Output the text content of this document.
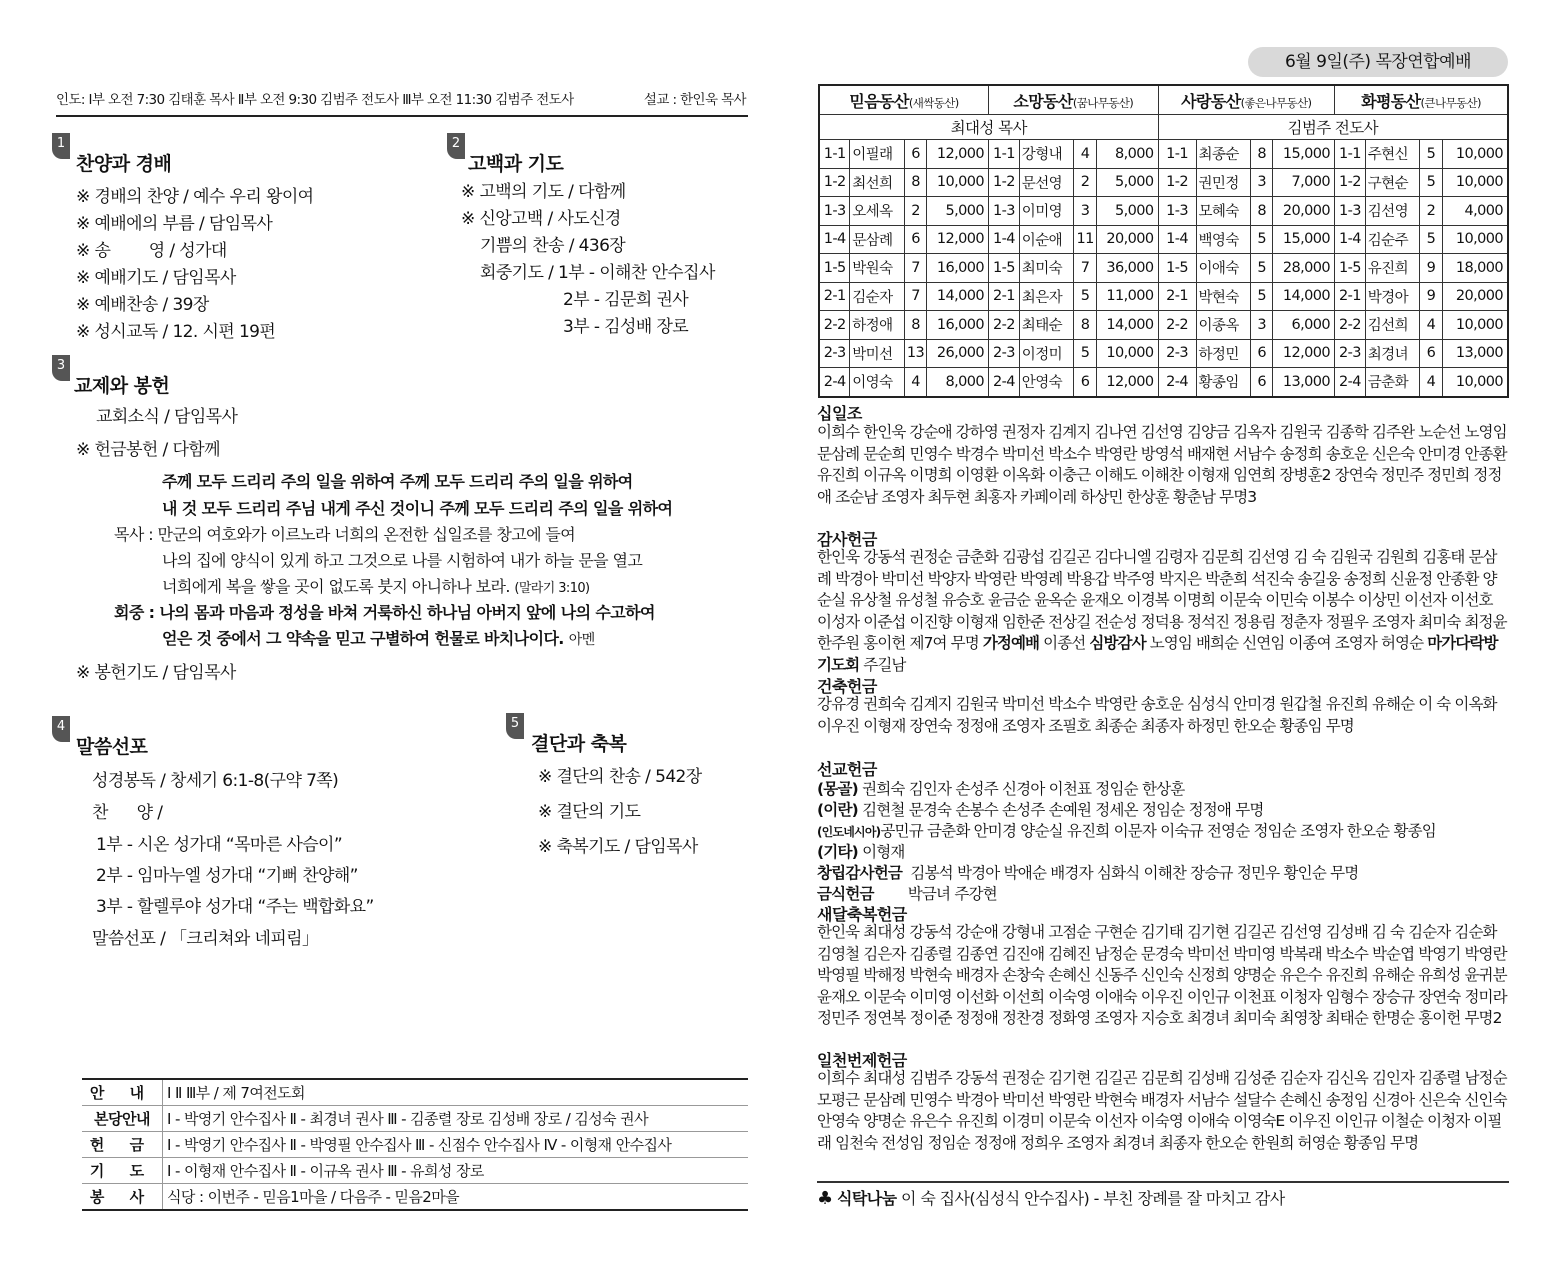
인도: Ⅰ부 오전 7:30 김태훈 목사 Ⅱ부 오전 9:30 김범주 전도사 Ⅲ부 오전 11:30 김범주 전도사	설교 : 한인욱 목사
1
찬양과 경배
※ 경배의 찬양 / 예수 우리 왕이여
※ 예배에의 부름 / 담임목사
※ 송        영 / 성가대
※ 예배기도 / 담임목사
※ 예배찬송 / 39장
※ 성시교독 / 12. 시편 19편
2
고백과 기도
※ 고백의 기도 / 다함께
※ 신앙고백 / 사도신경
기쁨의 찬송 / 436장
회중기도 / 1부 - 이해찬 안수집사
2부 - 김문희 권사
3부 - 김성배 장로
3
교제와 봉헌
교회소식 / 담임목사
※ 헌금봉헌 / 다함께
주께 모두 드리리 주의 일을 위하여 주께 모두 드리리 주의 일을 위하여
내 것 모두 드리리 주님 내게 주신 것이니 주께 모두 드리리 주의 일을 위하여
목사 : 만군의 여호와가 이르노라 너희의 온전한 십일조를 창고에 들여
나의 집에 양식이 있게 하고 그것으로 나를 시험하여 내가 하늘 문을 열고
너희에게 복을 쌓을 곳이 없도록 붓지 아니하나 보라. (말라기 3:10)
회중 : 나의 몸과 마음과 정성을 바쳐 거룩하신 하나님 아버지 앞에 나의 수고하여
얻은 것 중에서 그 약속을 믿고 구별하여 헌물로 바치나이다. 아멘
※ 봉헌기도 / 담임목사
4
말씀선포
성경봉독 / 창세기 6:1-8(구약 7쪽)
찬      양 /
1부 - 시온 성가대 “목마른 사슴이”
2부 - 임마누엘 성가대 “기뻐 찬양해”
3부 - 할렐루야 성가대 “주는 백합화요”
말씀선포 / 「크리쳐와 네피림」
5
결단과 축복
※ 결단의 찬송 / 542장
※ 결단의 기도
※ 축복기도 / 담임목사
안 내	Ⅰ Ⅱ Ⅲ부 / 제 7여전도회
본당안내	Ⅰ - 박영기 안수집사 Ⅱ - 최경녀 권사 Ⅲ - 김종렬 장로 김성배 장로 / 김성숙 권사
헌 금	Ⅰ - 박영기 안수집사 Ⅱ - 박영필 안수집사 Ⅲ - 신점수 안수집사 Ⅳ - 이형재 안수집사
기 도	Ⅰ - 이형재 안수집사 Ⅱ - 이규옥 권사 Ⅲ - 유희성 장로
봉 사	식당 : 이번주 - 믿음1마을 / 다음주 - 믿음2마을
6월 9일(주) 목장연합예배
믿음동산(새싹동산)				소망동산(꿈나무동산)				사랑동산(좋은나무동산)				화평동산(큰나무동산)			
최대성 목사								김범주 전도사							
1-1	이필래	6	12,000	1-1	강형내	4	8,000	1-1	최종순	8	15,000	1-1	주현신	5	10,000
1-2	최선희	8	10,000	1-2	문선영	2	5,000	1-2	권민정	3	7,000	1-2	구현순	5	10,000
1-3	오세옥	2	5,000	1-3	이미영	3	5,000	1-3	모혜숙	8	20,000	1-3	김선영	2	4,000
1-4	문삼례	6	12,000	1-4	이순애	11	20,000	1-4	백영숙	5	15,000	1-4	김순주	5	10,000
1-5	박원숙	7	16,000	1-5	최미숙	7	36,000	1-5	이애숙	5	28,000	1-5	유진희	9	18,000
2-1	김순자	7	14,000	2-1	최은자	5	11,000	2-1	박현숙	5	14,000	2-1	박경아	9	20,000
2-2	하정애	8	16,000	2-2	최태순	8	14,000	2-2	이종옥	3	6,000	2-2	김선희	4	10,000
2-3	박미선	13	26,000	2-3	이정미	5	10,000	2-3	하정민	6	12,000	2-3	최경녀	6	13,000
2-4	이영숙	4	8,000	2-4	안영숙	6	12,000	2-4	황종임	6	13,000	2-4	금춘화	4	10,000
십일조
이희수 한인욱 강순애 강하영 권정자 김계지 김나연 김선영 김양금 김옥자 김원국 김종학 김주완 노순선 노영임 문삼례 문순희 민영수 박경수 박미선 박소수 박영란 방영석 배재현 서남수 송정희 송호운 신은숙 안미경 안종환 유진희 이규옥 이명희 이영환 이옥화 이충근 이해도 이해찬 이형재 임연희 장병훈2 장연숙 정민주 정민희 정정애 조순남 조영자 최두현 최홍자 카페이레 하상민 한상훈 황춘남 무명3
감사헌금
한인욱 강동석 권정순 금춘화 김광섭 김길곤 김다니엘 김령자 김문희 김선영 김 숙 김원국 김원희 김홍태 문삼례 박경아 박미선 박양자 박영란 박영례 박용갑 박주영 박지은 박춘희 석진숙 송길웅 송정희 신윤정 안종환 양순실 유상철 유성철 유승호 윤금순 윤옥순 윤재오 이경복 이명희 이문숙 이민숙 이봉수 이상민 이선자 이선호 이성자 이준섭 이진향 이형재 임한준 전상길 전순성 정덕용 정석진 정용림 정춘자 정필우 조영자 최미숙 최정윤 한주원 홍이헌 제7여 무명 가정예배 이종선 심방감사 노영임 배희순 신연임 이종여 조영자 허영순 마가다락방기도회 주길남
건축헌금
강유경 권희숙 김계지 김원국 박미선 박소수 박영란 송호운 심성식 안미경 원갑철 유진희 유해순 이 숙 이옥화 이우진 이형재 장연숙 정정애 조영자 조필호 최종순 최종자 하정민 한오순 황종임 무명
선교헌금
(몽골) 권희숙 김인자 손성주 신경아 이천표 정임순 한상훈
(이란) 김현철 문경숙 손봉수 손성주 손예원 정세온 정임순 정정애 무명
(인도네시아)공민규 금춘화 안미경 양순실 유진희 이문자 이숙규 전영순 정임순 조영자 한오순 황종임
(기타) 이형재
창립감사헌금 김봉석 박경아 박애순 배경자 심화식 이해찬 장승규 정민우 황인순 무명
금식헌금 박금녀 주강현
새달축복헌금
한인욱 최대성 강동석 강순애 강형내 고점순 구현순 김기태 김기현 김길곤 김선영 김성배 김 숙 김순자 김순화 김영철 김은자 김종렬 김종연 김진애 김혜진 남정순 문경숙 박미선 박미영 박복래 박소수 박순엽 박영기 박영란 박영필 박해정 박현숙 배경자 손창숙 손혜신 신동주 신인숙 신정희 양명순 유은수 유진희 유해순 유희성 윤귀분 윤재오 이문숙 이미영 이선화 이선희 이숙영 이애숙 이우진 이인규 이천표 이청자 임형수 장승규 장연숙 정미라 정민주 정연복 정이준 정정애 정찬경 정화영 조영자 지승호 최경녀 최미숙 최영창 최태순 한명순 홍이헌 무명2
일천번제헌금
이희수 최대성 김범주 강동석 권정순 김기현 김길곤 김문희 김성배 김성준 김순자 김신옥 김인자 김종렬 남정순 모평근 문삼례 민영수 박경아 박미선 박영란 박현숙 배경자 서남수 설달수 손혜신 송정임 신경아 신은숙 신인숙 안영숙 양명순 유은수 유진희 이경미 이문숙 이선자 이숙영 이애숙 이영숙E 이우진 이인규 이철순 이청자 이필래 임천숙 전성임 정임순 정정애 정희우 조영자 최경녀 최종자 한오순 한원희 허영순 황종임 무명
♣ 식탁나눔 이 숙 집사(심성식 안수집사) - 부친 장례를 잘 마치고 감사
